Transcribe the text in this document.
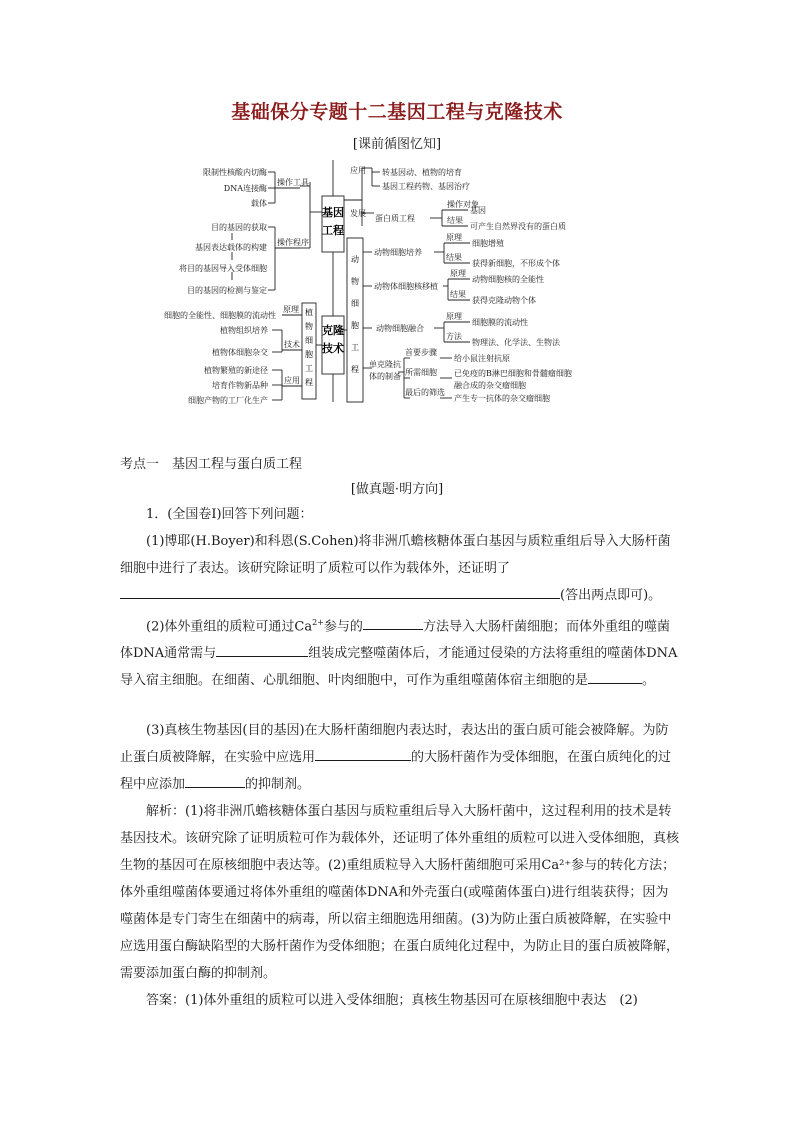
基础保分专题十二基因工程与克隆技术
[课前循图忆知]
限制性核酸内切酶
DNA连接酶
载体
操作工具
目的基因的获取
基因表达载体的构建
将目的基因导入受体细胞
目的基因的检测与鉴定
操作程序
原理
细胞的全能性、细胞膜的流动性
技术
植物组织培养
植物体细胞杂交
应用
植物繁殖的新途径
培育作物新品种
细胞产物的工厂化生产
应用 转基因动、植物的培育
基因工程药物、基因治疗
发展
蛋白质工程
操作对象
基因
结果
可产生自然界没有的蛋白质
动物细胞培养
原理
细胞增殖
结果
获得新细胞，不形成个体
动物体细胞核移植
原理
动物细胞核的全能性
结果
获得克隆动物个体
动物细胞融合
原理
细胞膜的流动性
方法
物理法、化学法、生物法
单克隆抗
体的制备
首要步骤
给小鼠注射抗原
所需细胞 已免疫的B淋巴细胞和骨髓瘤细胞
融合成的杂交瘤细胞
最后的筛选
产生专一抗体的杂交瘤细胞
基因工程
克隆技术
植物细胞工程
动物细胞工程
考点一　基因工程与蛋白质工程
[做真题·明方向]

1．(全国卷Ⅰ)回答下列问题：

(1)博耶(H.Boyer)和科恩(S.Cohen)将非洲爪蟾核糖体蛋白基因与质粒重组后导入大肠杆菌细胞中进行了表达。该研究除证明了质粒可以作为载体外，还证明了(答出两点即可)。

(2)体外重组的质粒可通过$Ca^{2+}$参与的	方法导入大肠杆菌细胞；而体外重组的噬菌体DNA通常需与	组装成完整噬菌体后，才能通过侵染的方法将重组的噬菌体DNA导入宿主细胞。在细菌、心肌细胞、叶肉细胞中，可作为重组噬菌体宿主细胞的是	。

(3)真核生物基因(目的基因)在大肠杆菌细胞内表达时，表达出的蛋白质可能会被降解。为防止蛋白质被降解，在实验中应选用	的大肠杆菌作为受体细胞，在蛋白质纯化的过程中应添加	的抑制剂。

解析：(1)将非洲爪蟾核糖体蛋白基因与质粒重组后导入大肠杆菌中，这过程利用的技术是转基因技术。该研究除了证明质粒可作为载体外，还证明了体外重组的质粒可以进入受体细胞，真核生物的基因可在原核细胞中表达等。(2)重组质粒导入大肠杆菌细胞可采用Ca²⁺参与的转化方法；体外重组噬菌体要通过将体外重组的噬菌体DNA和外壳蛋白(或噬菌体蛋白)进行组装获得；因为噬菌体是专门寄生在细菌中的病毒，所以宿主细胞选用细菌。(3)为防止蛋白质被降解，在实验中应选用蛋白酶缺陷型的大肠杆菌作为受体细胞；在蛋白质纯化过程中，为防止目的蛋白质被降解，需要添加蛋白酶的抑制剂。

答案：(1)体外重组的质粒可以进入受体细胞；真核生物基因可在原核细胞中表达　(2)
